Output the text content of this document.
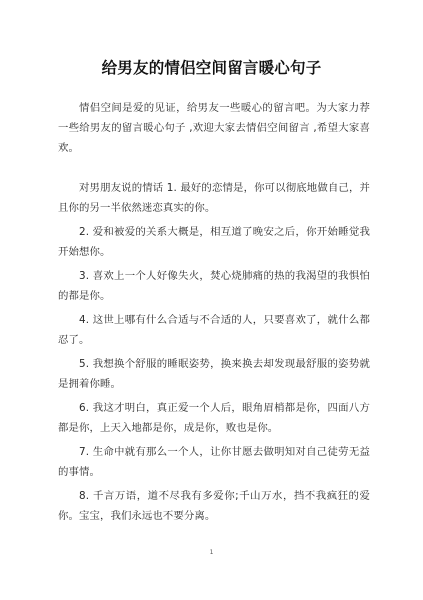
给男友的情侣空间留言暖心句子

情侣空间是爱的见证，给男友一些暖心的留言吧。为大家力荐一些给男友的留言暖心句子 ,欢迎大家去情侣空间留言 ,希望大家喜欢。

对男朋友说的情话 1. 最好的恋情是，你可以彻底地做自己，并且你的另一半依然迷恋真实的你。

2. 爱和被爱的关系大概是，相互道了晚安之后，你开始睡觉我开始想你。

3. 喜欢上一个人好像失火，焚心烧肺痛的热的我渴望的我惧怕的都是你。

4. 这世上哪有什么合适与不合适的人，只要喜欢了，就什么都忍了。

5. 我想换个舒服的睡眠姿势，换来换去却发现最舒服的姿势就是拥着你睡。

6. 我这才明白，真正爱一个人后，眼角眉梢都是你，四面八方都是你，上天入地都是你，成是你，败也是你。

7. 生命中就有那么一个人，让你甘愿去做明知对自己徒劳无益的事情。

8. 千言万语，道不尽我有多爱你;千山万水，挡不我疯狂的爱你。宝宝，我们永远也不要分离。

1
